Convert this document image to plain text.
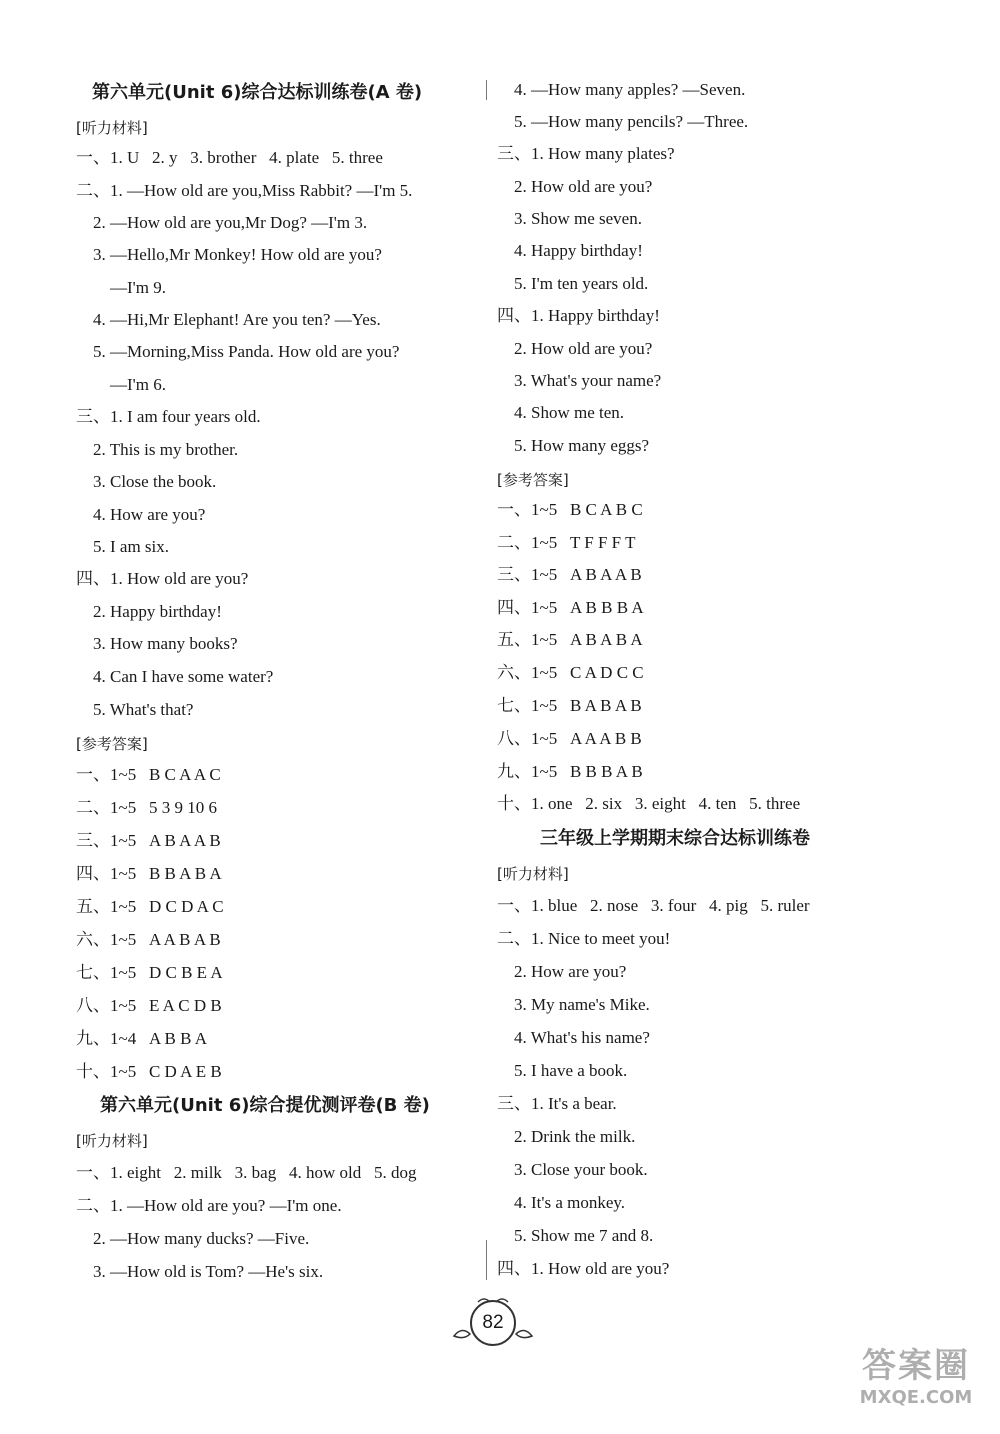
第六单元(Unit 6)综合达标训练卷(A 卷)
[听力材料]
一、1. U   2. y   3. brother   4. plate   5. three
二、1. —How old are you,Miss Rabbit? —I'm 5.
2. —How old are you,Mr Dog? —I'm 3.
3. —Hello,Mr Monkey! How old are you?
—I'm 9.
4. —Hi,Mr Elephant! Are you ten? —Yes.
5. —Morning,Miss Panda. How old are you?
—I'm 6.
三、1. I am four years old.
2. This is my brother.
3. Close the book.
4. How are you?
5. I am six.
四、1. How old are you?
2. Happy birthday!
3. How many books?
4. Can I have some water?
5. What's that?
[参考答案]
一、1~5   B C A A C
二、1~5   5 3 9 10 6
三、1~5   A B A A B
四、1~5   B B A B A
五、1~5   D C D A C
六、1~5   A A B A B
七、1~5   D C B E A
八、1~5   E A C D B
九、1~4   A B B A
十、1~5   C D A E B
第六单元(Unit 6)综合提优测评卷(B 卷)
[听力材料]
一、1. eight   2. milk   3. bag   4. how old   5. dog
二、1. —How old are you? —I'm one.
2. —How many ducks? —Five.
3. —How old is Tom? —He's six.
4. —How many apples? —Seven.
5. —How many pencils? —Three.
三、1. How many plates?
2. How old are you?
3. Show me seven.
4. Happy birthday!
5. I'm ten years old.
四、1. Happy birthday!
2. How old are you?
3. What's your name?
4. Show me ten.
5. How many eggs?
[参考答案]
一、1~5   B C A B C
二、1~5   T F F F T
三、1~5   A B A A B
四、1~5   A B B B A
五、1~5   A B A B A
六、1~5   C A D C C
七、1~5   B A B A B
八、1~5   A A A B B
九、1~5   B B B A B
十、1. one   2. six   3. eight   4. ten   5. three
三年级上学期期末综合达标训练卷
[听力材料]
一、1. blue   2. nose   3. four   4. pig   5. ruler
二、1. Nice to meet you!
2. How are you?
3. My name's Mike.
4. What's his name?
5. I have a book.
三、1. It's a bear.
2. Drink the milk.
3. Close your book.
4. It's a monkey.
5. Show me 7 and 8.
四、1. How old are you?
82
答案圈
MXQE.COM
